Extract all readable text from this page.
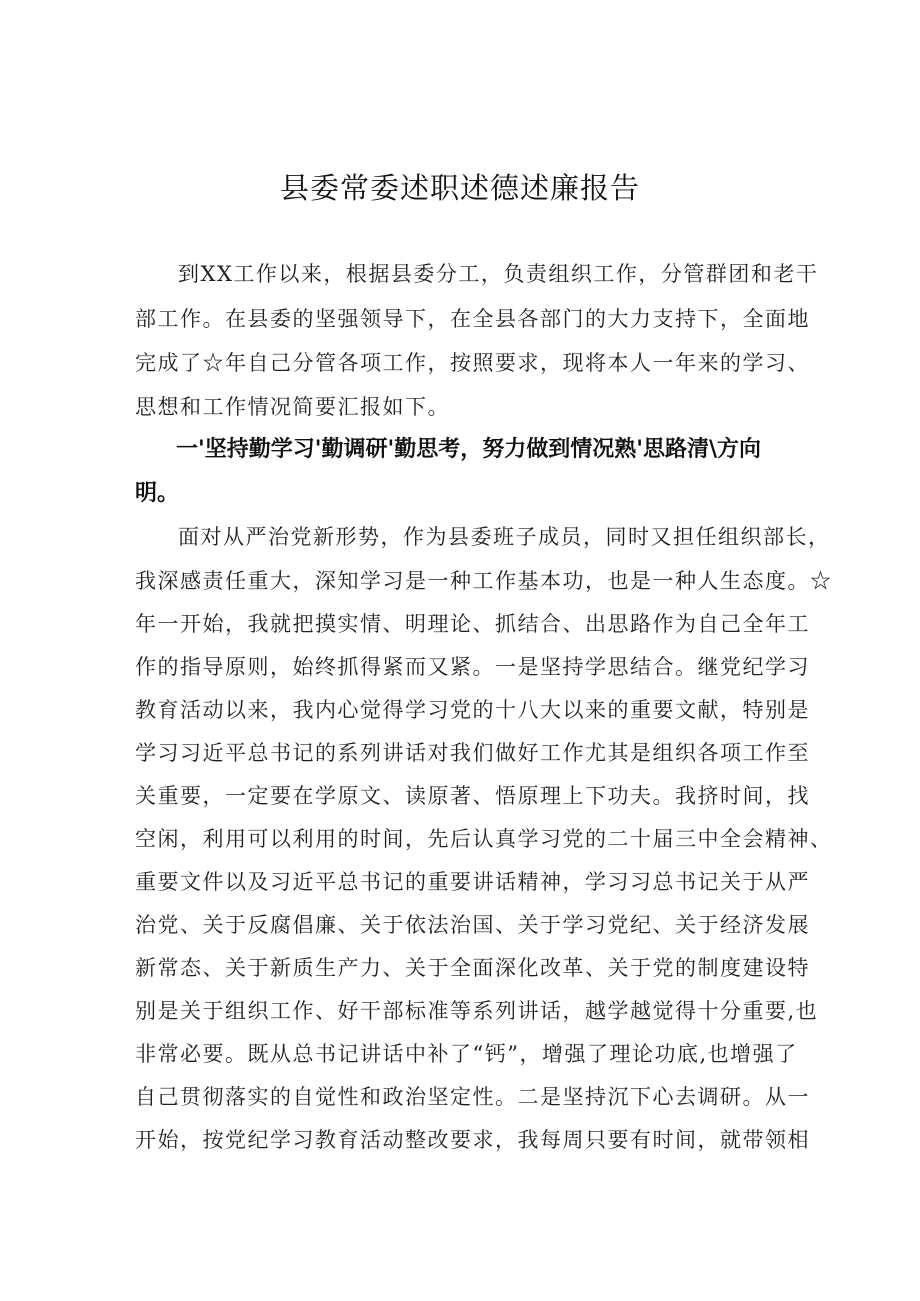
县委常委述职述德述廉报告
到XX工作以来，根据县委分工，负责组织工作，分管群团和老干
部工作。在县委的坚强领导下，在全县各部门的大力支持下，全面地
完成了☆年自己分管各项工作，按照要求，现将本人一年来的学习、
思想和工作情况简要汇报如下。
一'坚持勤学习'勤调研'勤思考，努力做到情况熟'思路清\方向
明。
面对从严治党新形势，作为县委班子成员，同时又担任组织部长，
我深感责任重大，深知学习是一种工作基本功，也是一种人生态度。☆
年一开始，我就把摸实情、明理论、抓结合、出思路作为自己全年工
作的指导原则，始终抓得紧而又紧。一是坚持学思结合。继党纪学习
教育活动以来，我内心觉得学习党的十八大以来的重要文献，特别是
学习习近平总书记的系列讲话对我们做好工作尤其是组织各项工作至
关重要，一定要在学原文、读原著、悟原理上下功夫。我挤时间，找
空闲，利用可以利用的时间，先后认真学习党的二十届三中全会精神、
重要文件以及习近平总书记的重要讲话精神，学习习总书记关于从严
治党、关于反腐倡廉、关于依法治国、关于学习党纪、关于经济发展
新常态、关于新质生产力、关于全面深化改革、关于党的制度建设特
别是关于组织工作、好干部标准等系列讲话，越学越觉得十分重要,也
非常必要。既从总书记讲话中补了“钙”，增强了理论功底,也增强了
自己贯彻落实的自觉性和政治坚定性。二是坚持沉下心去调研。从一
开始，按党纪学习教育活动整改要求，我每周只要有时间，就带领相
